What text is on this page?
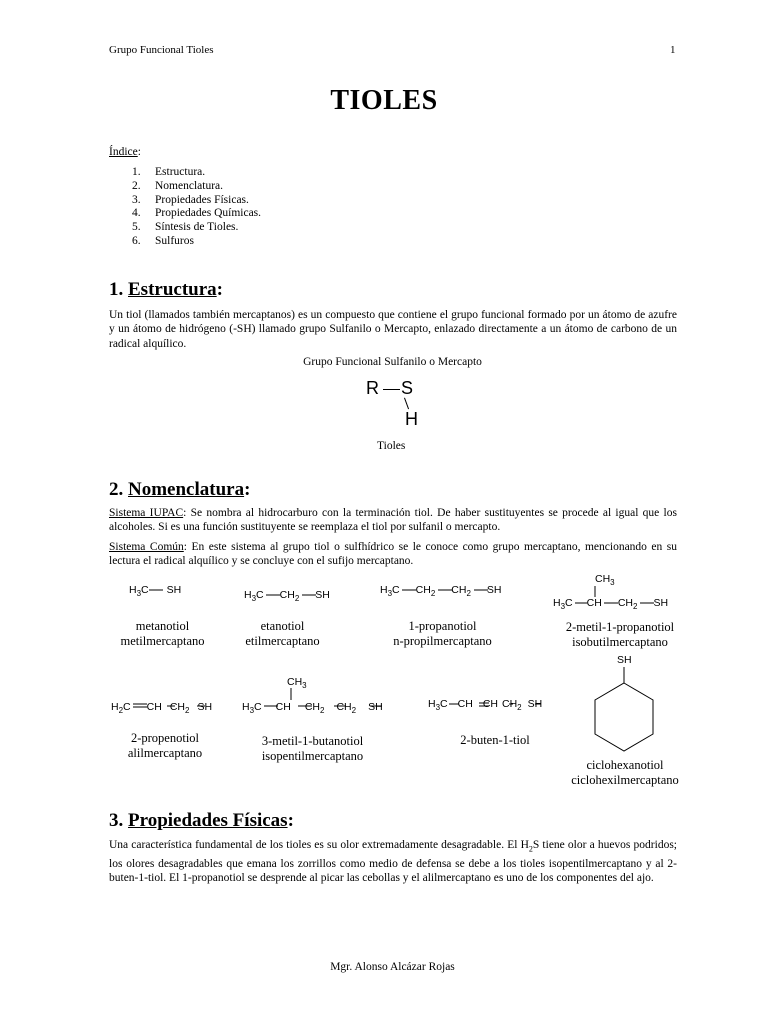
Grupo Funcional Tioles	1
TIOLES
Índice:
1. Estructura.
2. Nomenclatura.
3. Propiedades Físicas.
4. Propiedades Químicas.
5. Síntesis de Tioles.
6. Sulfuros
1. Estructura:
Un tiol (llamados también mercaptanos) es un compuesto que contiene el grupo funcional formado por un átomo de azufre y un átomo de hidrógeno (-SH) llamado grupo Sulfanilo o Mercapto, enlazado directamente a un átomo de carbono de un radical alquílico.
Grupo Funcional Sulfanilo o Mercapto
R S
H
Tioles
2. Nomenclatura:
Sistema IUPAC: Se nombra al hidrocarburo con la terminación tiol. De haber sustituyentes se procede al igual que los alcoholes. Si es una función sustituyente se reemplaza el tiol por sulfanil o mercapto.
Sistema Común: En este sistema al grupo tiol o sulfhídrico se le conoce como grupo mercaptano, mencionando en su lectura el radical alquílico y se concluye con el sufijo mercaptano.
$H_3C$ SH	$H_3C$ $CH_2$ SH	$H_3C$ $CH_2$ $CH_2$ SH
$CH_3$
$H_3C$ CH $CH_2$ SH
metanotiol
metilmercaptano
etanotiol
etilmercaptano
1-propanotiol
n-propilmercaptano
2-metil-1-propanotiol
isobutilmercaptano
$H_2C$ CH $CH_2$ SH
$CH_3$
$H_3C$ CH $CH_2$ $CH_2$ SH	$H_3C$ CH CH $CH_2$ SH
SH
2-propenotiol
alilmercaptano
3-metil-1-butanotiol
isopentilmercaptano
2-buten-1-tiol
ciclohexanotiol
ciclohexilmercaptano
3. Propiedades Físicas:
Una característica fundamental de los tioles es su olor extremadamente desagradable. El $H_2S$ tiene olor a huevos podridos; los olores desagradables que emana los zorrillos como medio de defensa se debe a los tioles isopentilmercaptano y al 2-buten-1-tiol. El 1-propanotiol se desprende al picar las cebollas y el alilmercaptano es uno de los componentes del ajo.
Mgr. Alonso Alcázar Rojas
